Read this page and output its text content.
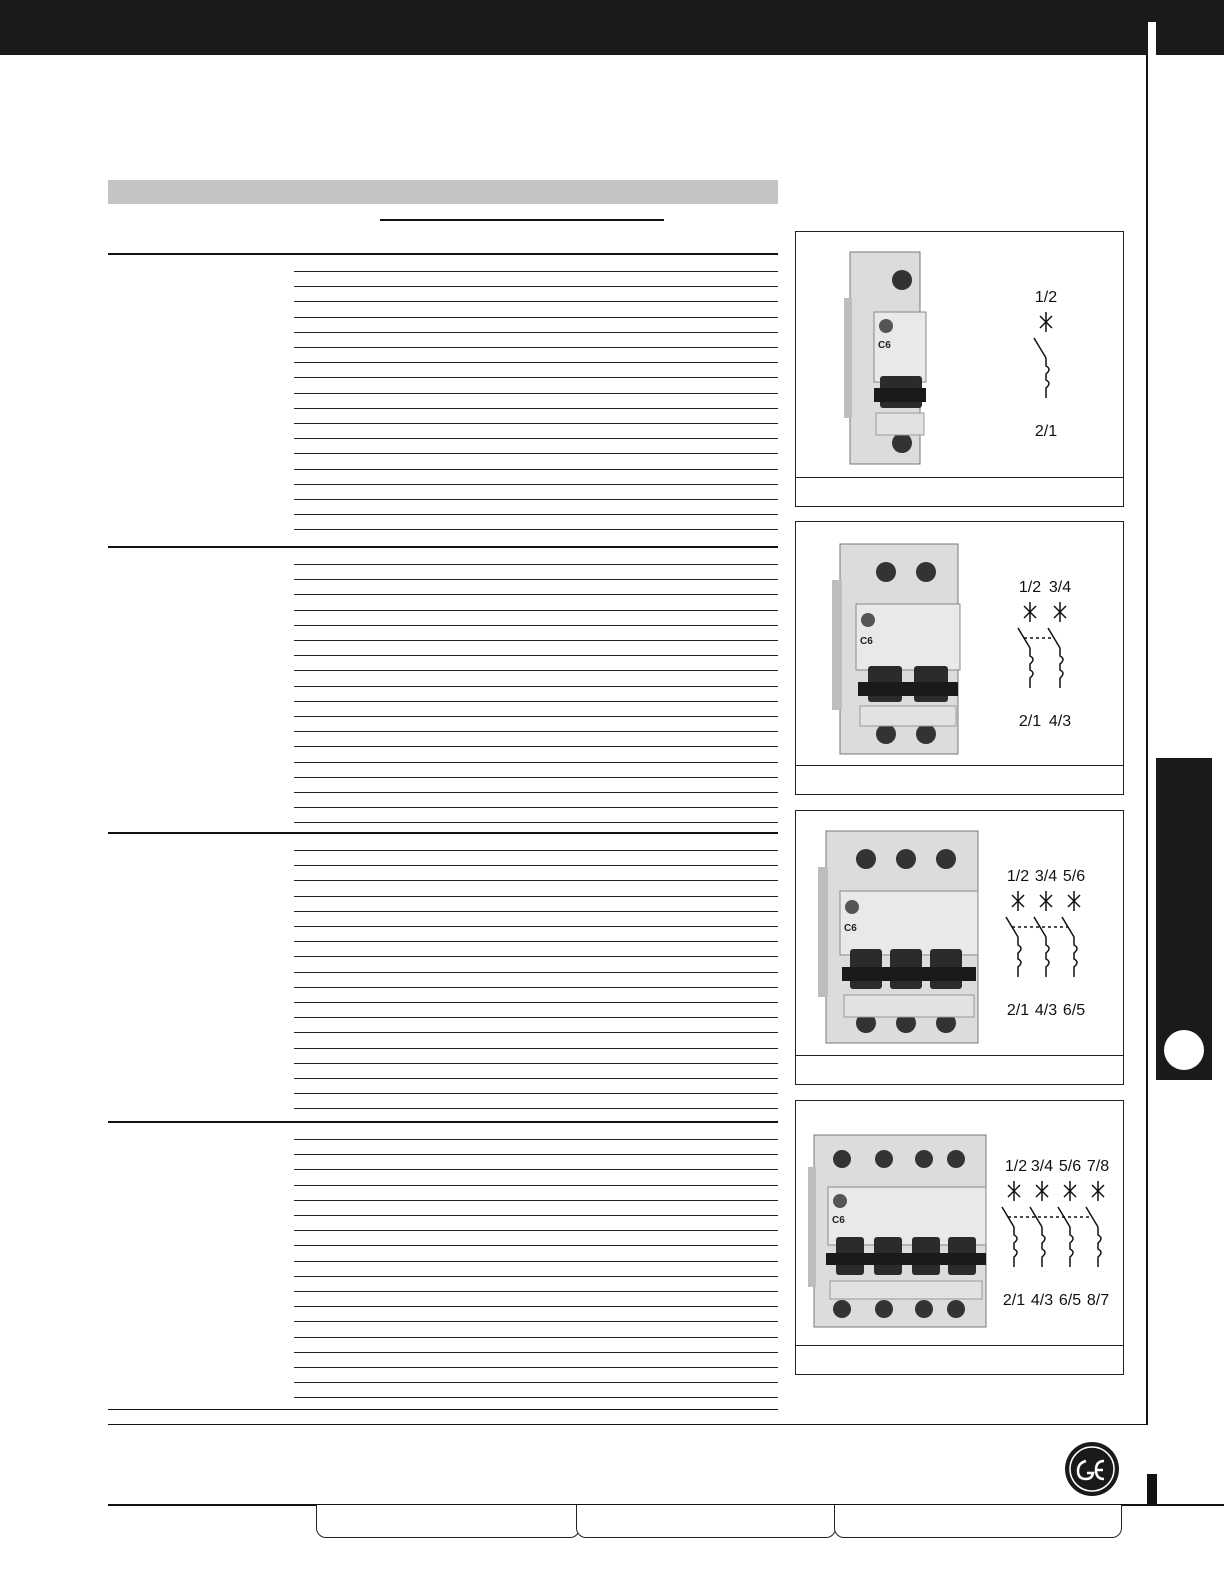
C6
1/2
2/1
C6
1/2 3/4
2/1 4/3
C6
1/2 3/4 5/6
2/1 4/3 6/5
C6
1/2 3/4 5/6 7/8
2/1 4/3 6/5 8/7
